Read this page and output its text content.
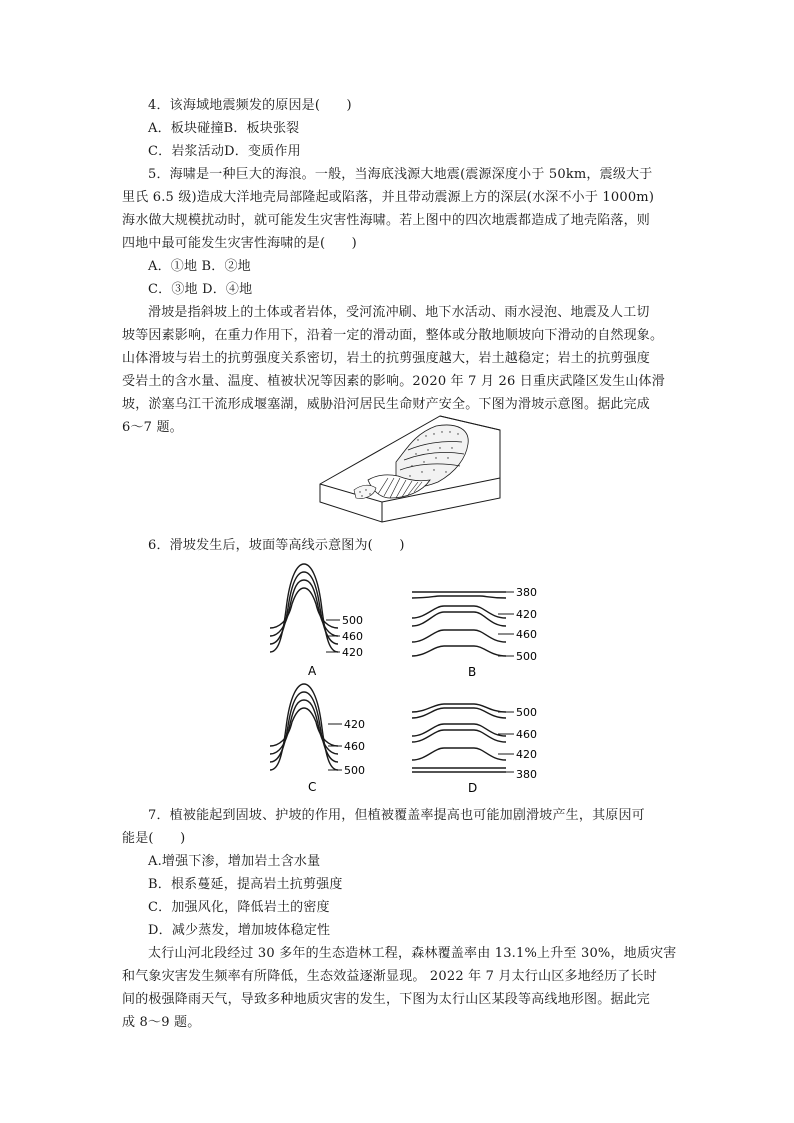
4．该海域地震频发的原因是(　　)
A．板块碰撞B．板块张裂
C．岩浆活动D．变质作用
5．海啸是一种巨大的海浪。一般，当海底浅源大地震(震源深度小于 50km，震级大于
里氏 6.5 级)造成大洋地壳局部隆起或陷落，并且带动震源上方的深层(水深不小于 1000m)
海水做大规模扰动时，就可能发生灾害性海啸。若上图中的四次地震都造成了地壳陷落，则
四地中最可能发生灾害性海啸的是(　　)
A．①地 B．②地
C．③地 D．④地
滑坡是指斜坡上的土体或者岩体，受河流冲刷、地下水活动、雨水浸泡、地震及人工切
坡等因素影响，在重力作用下，沿着一定的滑动面，整体或分散地顺坡向下滑动的自然现象。
山体滑坡与岩土的抗剪强度关系密切，岩土的抗剪强度越大，岩土越稳定；岩土的抗剪强度
受岩土的含水量、温度、植被状况等因素的影响。2020 年 7 月 26 日重庆武隆区发生山体滑
坡，淤塞乌江干流形成堰塞湖，威胁沿河居民生命财产安全。下图为滑坡示意图。据此完成
6～7 题。
6．滑坡发生后，坡面等高线示意图为(　　)
500
460
420
A
380
420
460
500
B
420
460
500
C
500
460
420
380
D
7．植被能起到固坡、护坡的作用，但植被覆盖率提高也可能加剧滑坡产生，其原因可
能是(　　)
A.增强下渗，增加岩土含水量
B．根系蔓延，提高岩土抗剪强度
C．加强风化，降低岩土的密度
D．减少蒸发，增加坡体稳定性
太行山河北段经过 30 多年的生态造林工程，森林覆盖率由 13.1%上升至 30%，地质灾害
和气象灾害发生频率有所降低，生态效益逐渐显现。 2022 年 7 月太行山区多地经历了长时
间的极强降雨天气，导致多种地质灾害的发生，下图为太行山区某段等高线地形图。据此完
成 8～9 题。
